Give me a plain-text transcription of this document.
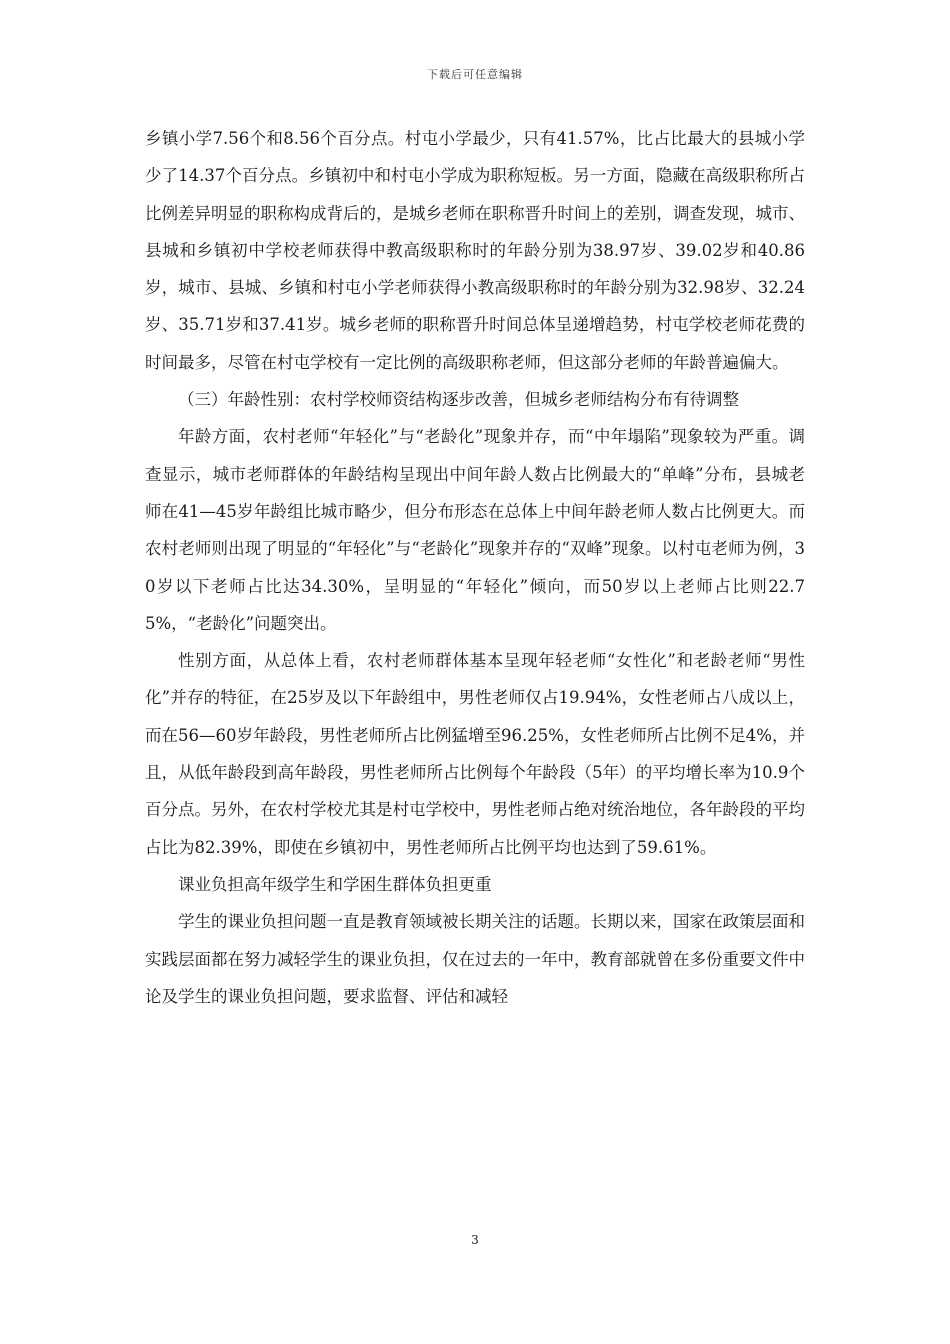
下载后可任意编辑

乡镇小学7.56个和8.56个百分点。村屯小学最少，只有41.57%，比占比最大的县城小学少了14.37个百分点。乡镇初中和村屯小学成为职称短板。另一方面，隐藏在高级职称所占比例差异明显的职称构成背后的，是城乡老师在职称晋升时间上的差别，调查发现，城市、县城和乡镇初中学校老师获得中教高级职称时的年龄分别为38.97岁、39.02岁和40.86岁，城市、县城、乡镇和村屯小学老师获得小教高级职称时的年龄分别为32.98岁、32.24岁、35.71岁和37.41岁。城乡老师的职称晋升时间总体呈递增趋势，村屯学校老师花费的时间最多，尽管在村屯学校有一定比例的高级职称老师，但这部分老师的年龄普遍偏大。

（三）年龄性别：农村学校师资结构逐步改善，但城乡老师结构分布有待调整

年龄方面，农村老师“年轻化”与“老龄化”现象并存，而“中年塌陷”现象较为严重。调查显示，城市老师群体的年龄结构呈现出中间年龄人数占比例最大的“单峰”分布，县城老师在41—45岁年龄组比城市略少，但分布形态在总体上中间年龄老师人数占比例更大。而农村老师则出现了明显的“年轻化”与“老龄化”现象并存的“双峰”现象。以村屯老师为例，30岁以下老师占比达34.30%，呈明显的“年轻化”倾向，而50岁以上老师占比则22.75%，“老龄化”问题突出。

性别方面，从总体上看，农村老师群体基本呈现年轻老师“女性化”和老龄老师“男性化”并存的特征，在25岁及以下年龄组中，男性老师仅占19.94%，女性老师占八成以上，而在56—60岁年龄段，男性老师所占比例猛增至96.25%，女性老师所占比例不足4%，并且，从低年龄段到高年龄段，男性老师所占比例每个年龄段（5年）的平均增长率为10.9个百分点。另外，在农村学校尤其是村屯学校中，男性老师占绝对统治地位，各年龄段的平均占比为82.39%，即使在乡镇初中，男性老师所占比例平均也达到了59.61%。

课业负担高年级学生和学困生群体负担更重

学生的课业负担问题一直是教育领域被长期关注的话题。长期以来，国家在政策层面和实践层面都在努力减轻学生的课业负担，仅在过去的一年中，教育部就曾在多份重要文件中论及学生的课业负担问题，要求监督、评估和减轻

3
